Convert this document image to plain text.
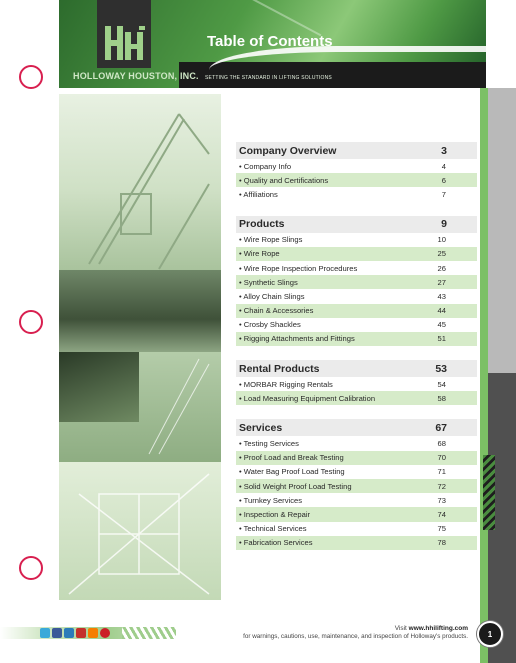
HOLLOWAY HOUSTON, INC.
Table of Contents
SETTING THE STANDARD IN LIFTING SOLUTIONS
Company Overview	3
• Company Info	4
• Quality and Certifications	6
• Affiliations	7
Products	9
• Wire Rope Slings	10
• Wire Rope	25
• Wire Rope Inspection Procedures	26
• Synthetic Slings	27
• Alloy Chain Slings	43
• Chain & Accessories	44
• Crosby Shackles	45
• Rigging Attachments and Fittings	51
Rental Products	53
• MORBAR Rigging Rentals	54
• Load Measuring Equipment Calibration	58
Services	67
• Testing Services	68
• Proof Load and Break Testing	70
• Water Bag Proof Load Testing	71
• Solid Weight Proof Load Testing	72
• Turnkey Services	73
• Inspection & Repair	74
• Technical Services	75
• Fabrication Services	78
Visit www.hhilifting.com
for warnings, cautions, use, maintenance, and inspection of Holloway's products.	1
